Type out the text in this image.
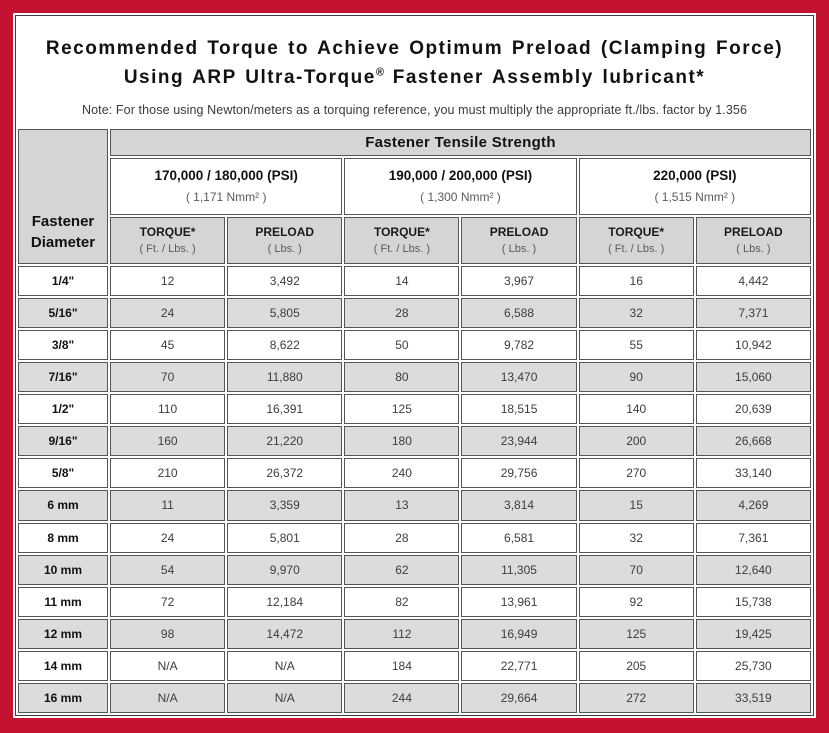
Recommended Torque to Achieve Optimum Preload (Clamping Force)
Using ARP Ultra-Torque® Fastener Assembly lubricant*

Note: For those using Newton/meters as a torquing reference, you must multiply the appropriate ft./lbs. factor by 1.356

Fastener
Diameter	Fastener Tensile Strength					

170,000 / 180,000 (PSI)
( 1,171 Nmm² )

190,000 / 200,000 (PSI)
( 1,300 Nmm² )

220,000 (PSI)
( 1,515 Nmm² )

TORQUE*
( Ft. / Lbs. )

PRELOAD
( Lbs. )

TORQUE*
( Ft. / Lbs. )

PRELOAD
( Lbs. )

TORQUE*
( Ft. / Lbs. )

PRELOAD
( Lbs. )

1/4"	12	3,492	14	3,967	16	4,442
5/16"	24	5,805	28	6,588	32	7,371
3/8"	45	8,622	50	9,782	55	10,942
7/16"	70	11,880	80	13,470	90	15,060
1/2"	110	16,391	125	18,515	140	20,639
9/16"	160	21,220	180	23,944	200	26,668
5/8"	210	26,372	240	29,756	270	33,140
6 mm	11	3,359	13	3,814	15	4,269
8 mm	24	5,801	28	6,581	32	7,361
10 mm	54	9,970	62	11,305	70	12,640
11 mm	72	12,184	82	13,961	92	15,738
12 mm	98	14,472	112	16,949	125	19,425
14 mm	N/A	N/A	184	22,771	205	25,730
16 mm	N/A	N/A	244	29,664	272	33,519
